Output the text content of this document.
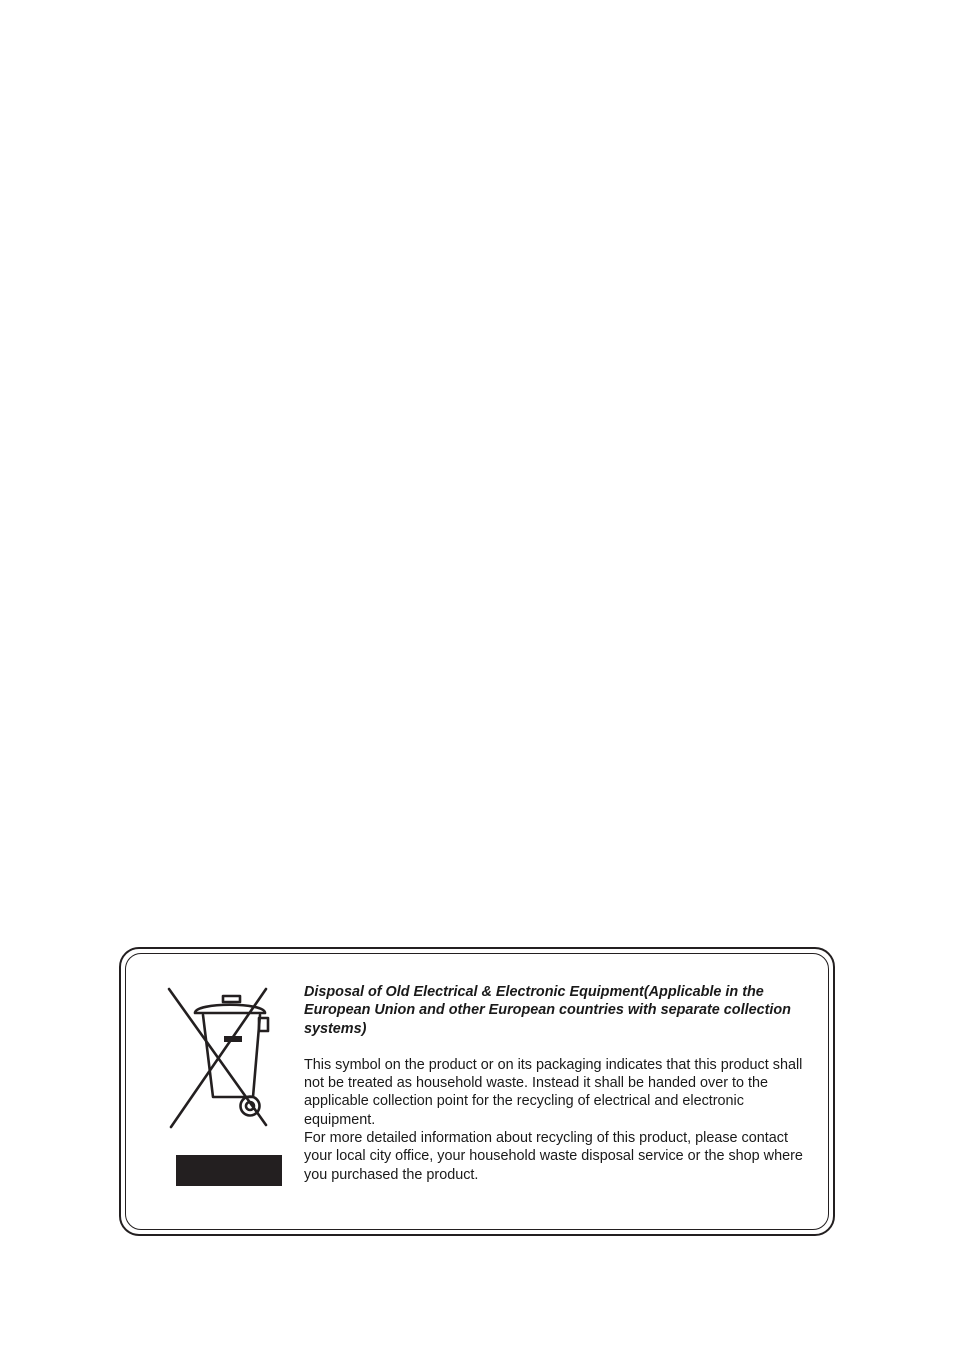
Disposal of Old Electrical & Electronic Equipment(Applicable in the European Union and other European countries with separate collection systems)

This symbol on the product or on its packaging indicates that this product shall not be treated as household waste. Instead it shall be handed over to the applicable collection point for the recycling of electrical and electronic equipment.

For more detailed information about recycling of this product, please contact your local city office, your household waste disposal service or the shop where you purchased the product.
